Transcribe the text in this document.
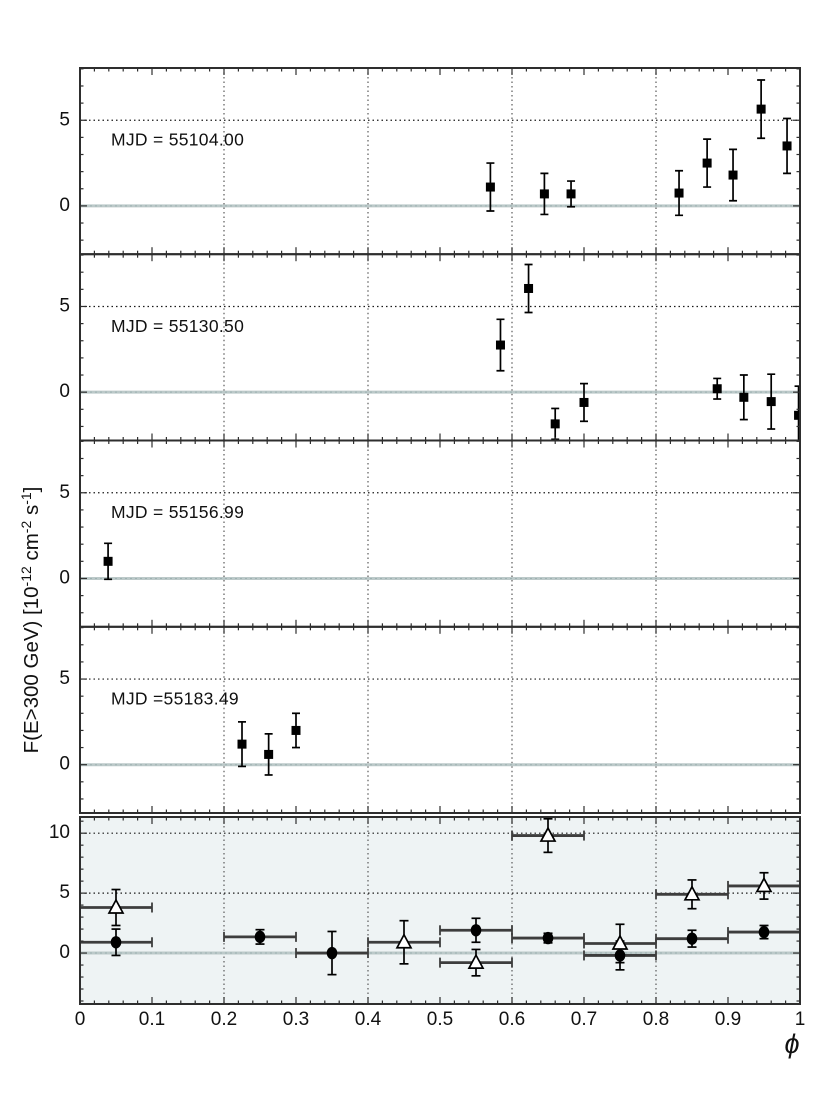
5
0
MJD = 55104.00
5
0
MJD = 55130.50
5
0
MJD = 55156.99
5
0
MJD =55183.49
10
5
0
0	0.1 0.2 0.3 0.4 0.5 0.6 0.7 0.8 0.9	1
ϕ
F(E>300 GeV) [$10^{-12}$ $cm^{-2}$ $s^{-1}$]
